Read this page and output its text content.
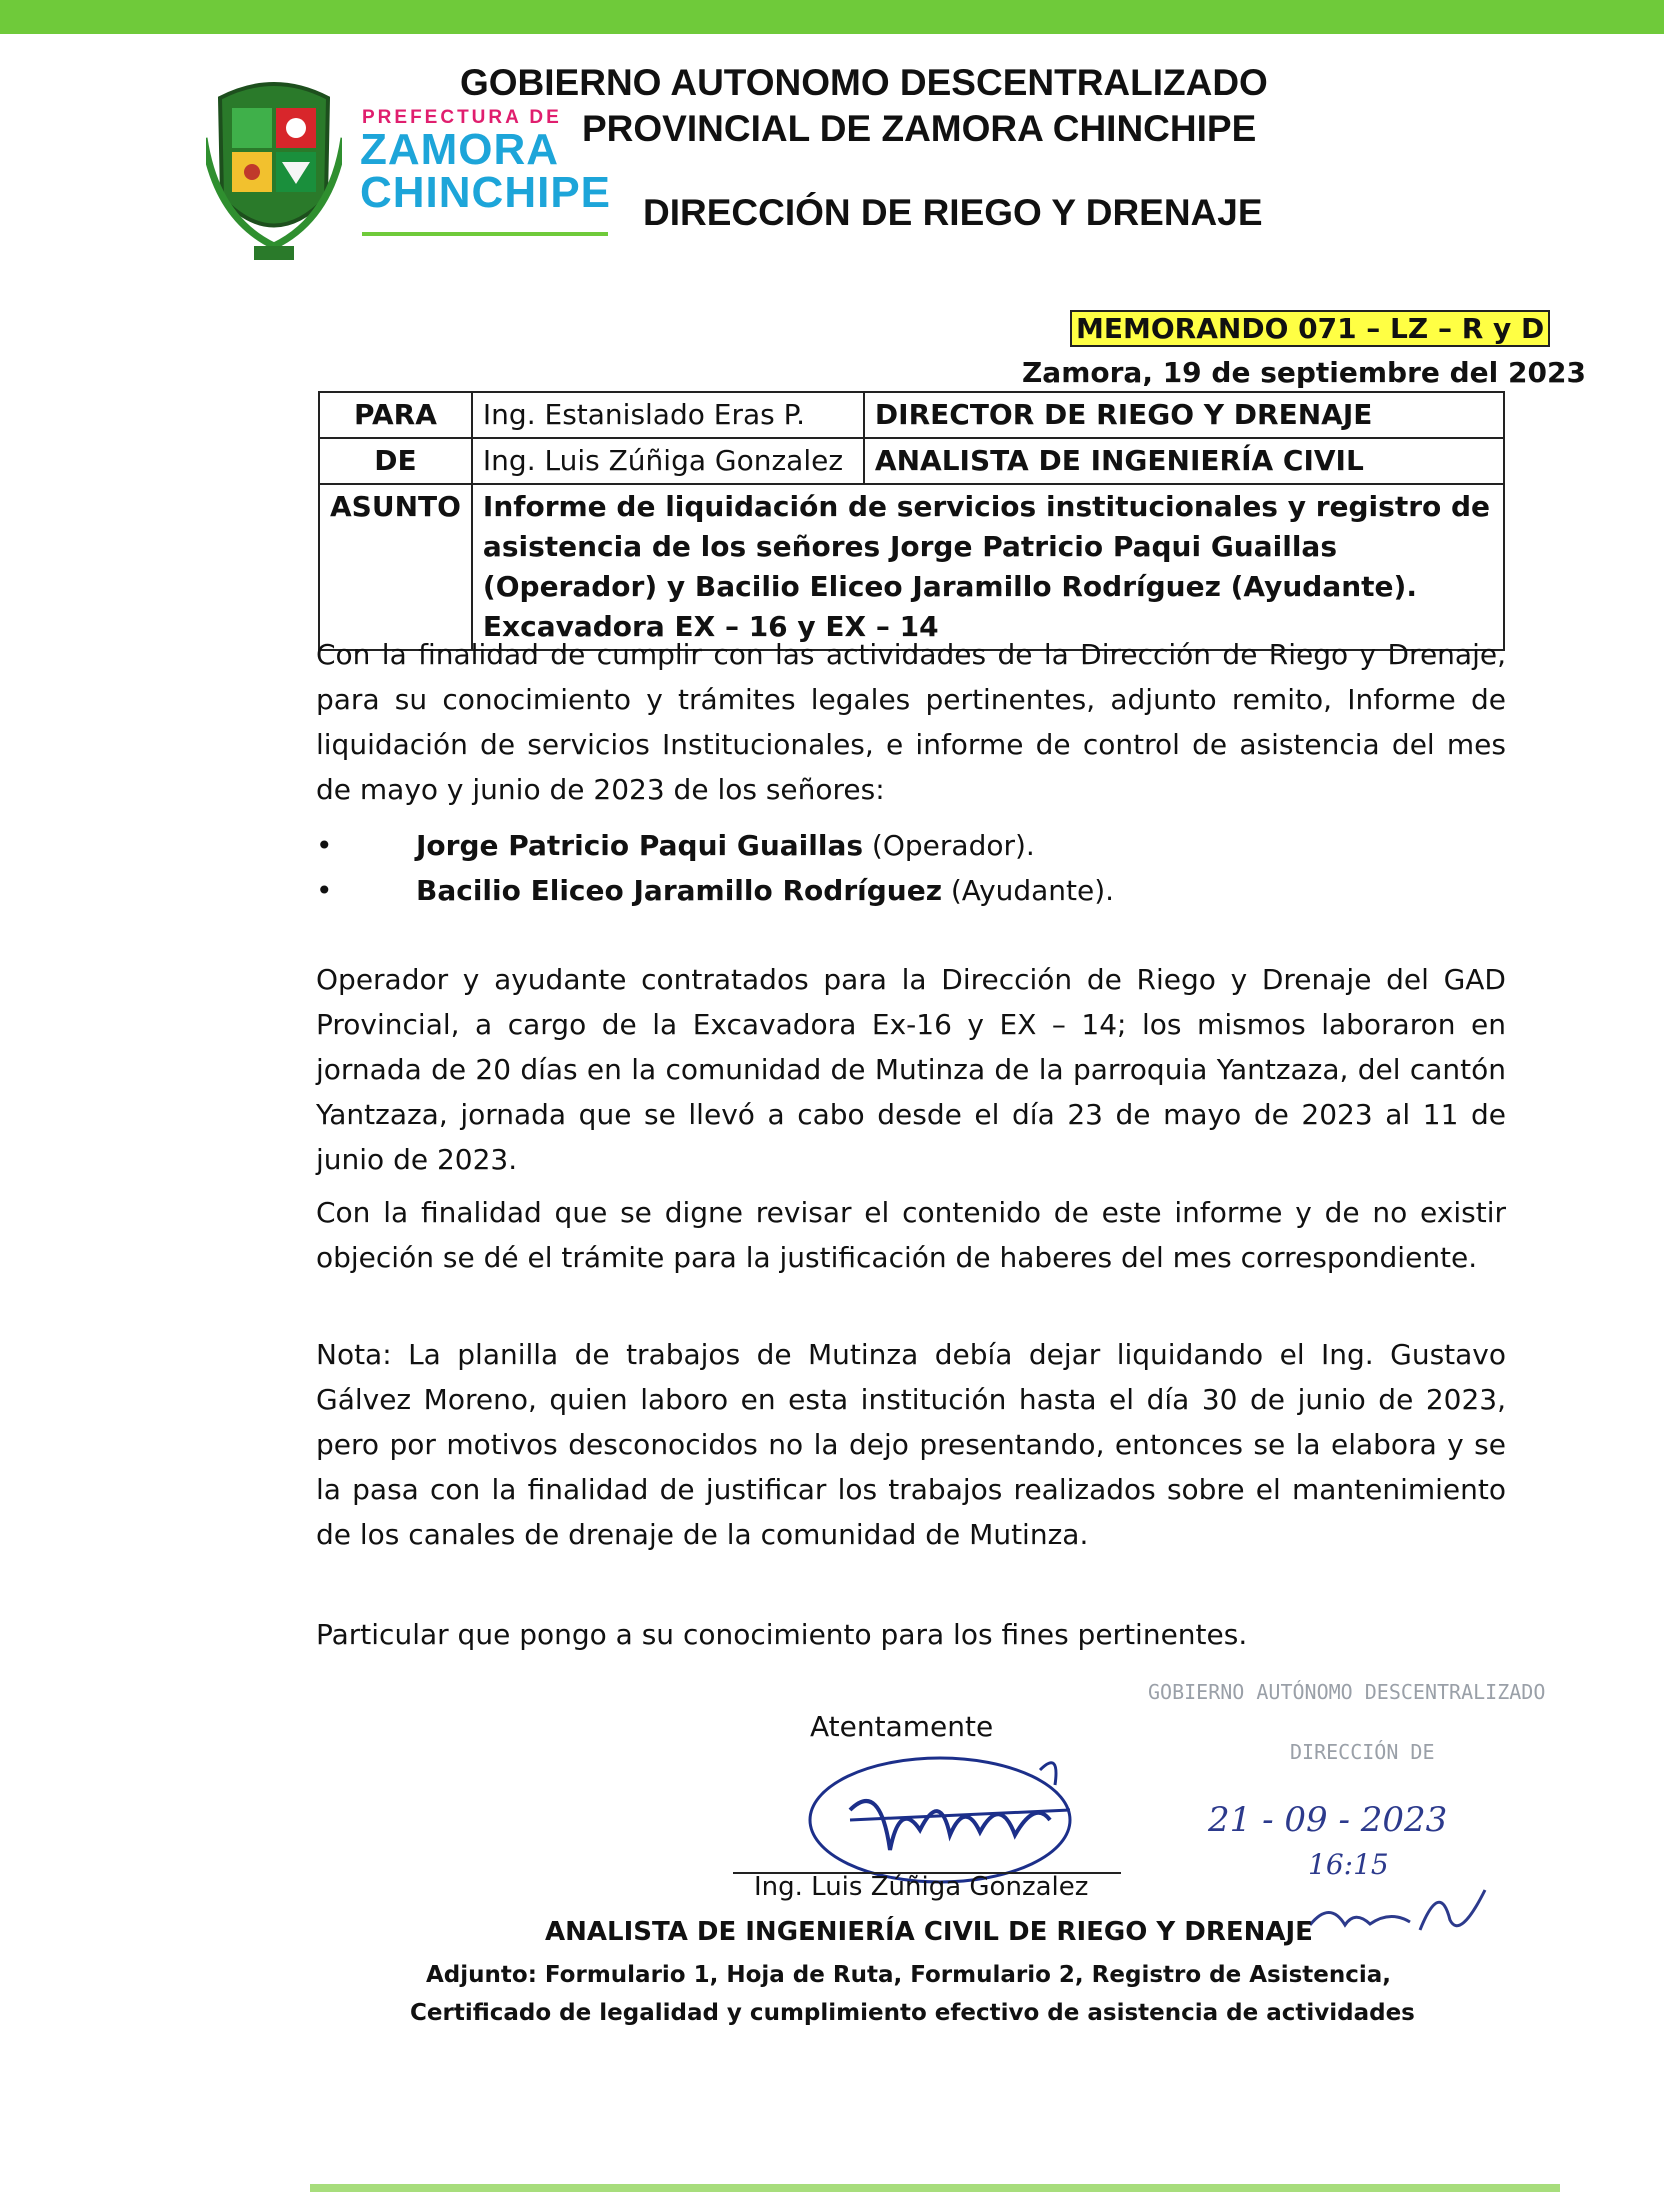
PREFECTURA DE
ZAMORA
CHINCHIPE
GOBIERNO AUTONOMO DESCENTRALIZADO
PROVINCIAL DE ZAMORA CHINCHIPE
DIRECCIÓN DE RIEGO Y DRENAJE
MEMORANDO 071 – LZ – R y D
Zamora, 19 de septiembre del 2023
PARA	Ing. Estanislado Eras P.	DIRECTOR DE RIEGO Y DRENAJE
DE	Ing. Luis Zúñiga Gonzalez	ANALISTA DE INGENIERÍA CIVIL
ASUNTO	Informe de liquidación de servicios institucionales y registro de asistencia de los señores Jorge Patricio Paqui Guaillas (Operador) y Bacilio Eliceo Jaramillo Rodríguez (Ayudante). Excavadora EX – 16 y EX – 14	
Con la finalidad de cumplir con las actividades de la Dirección de Riego y Drenaje, para su conocimiento y trámites legales pertinentes, adjunto remito, Informe de liquidación de servicios Institucionales, e informe de control de asistencia del mes de mayo y junio de 2023 de los señores:
•	Jorge Patricio Paqui Guaillas (Operador).
•	Bacilio Eliceo Jaramillo Rodríguez (Ayudante).
Operador y ayudante contratados para la Dirección de Riego y Drenaje del GAD Provincial, a cargo de la Excavadora Ex-16 y EX – 14; los mismos laboraron en jornada de 20 días en la comunidad de Mutinza de la parroquia Yantzaza, del cantón Yantzaza, jornada que se llevó a cabo desde el día 23 de mayo de 2023 al 11 de junio de 2023.
Con la finalidad que se digne revisar el contenido de este informe y de no existir objeción se dé el trámite para la justificación de haberes del mes correspondiente.
Nota: La planilla de trabajos de Mutinza debía dejar liquidando el Ing. Gustavo Gálvez Moreno, quien laboro en esta institución hasta el día 30 de junio de 2023, pero por motivos desconocidos no la dejo presentando, entonces se la elabora y se la pasa con la finalidad de justificar los trabajos realizados sobre el mantenimiento de los canales de drenaje de la comunidad de Mutinza.
Particular que pongo a su conocimiento para los fines pertinentes.
GOBIERNO AUTÓNOMO DESCENTRALIZADO
DIRECCIÓN DE
21 - 09 - 2023
16:15
Atentamente
Ing. Luis Zúñiga Gonzalez
ANALISTA DE INGENIERÍA CIVIL DE RIEGO Y DRENAJE
Adjunto: Formulario 1, Hoja de Ruta, Formulario 2, Registro de Asistencia,
Certificado de legalidad y cumplimiento efectivo de asistencia de actividades
